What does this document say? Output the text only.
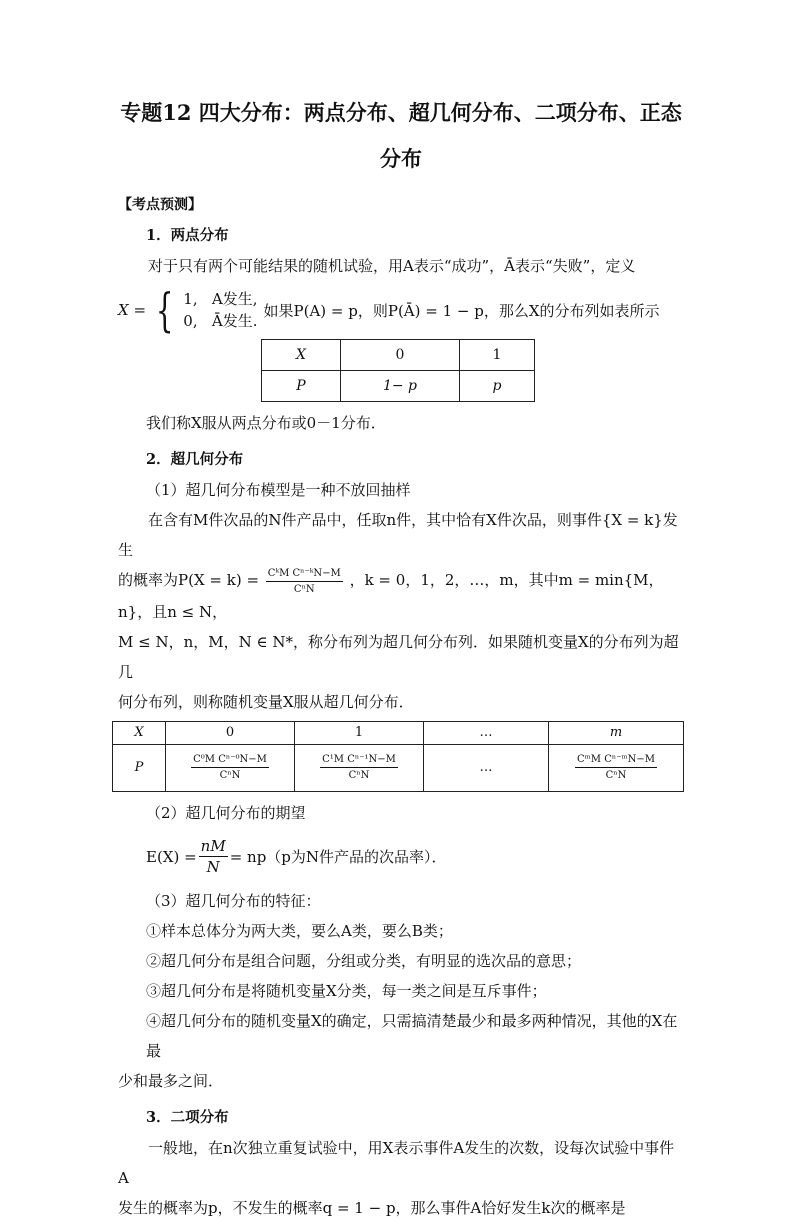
专题12 四大分布：两点分布、超几何分布、二项分布、正态
分布
【考点预测】
1．两点分布

对于只有两个可能结果的随机试验，用A表示“成功”，Ā表示“失败”，定义

X = { 1, A发生,
0, Ā发生.
如果P(A) = p，则P(Ā) = 1 − p，那么X的分布列如表所示
X	0	1
P	1− p	p

我们称X服从两点分布或0－1分布．

2．超几何分布

（1）超几何分布模型是一种不放回抽样

在含有M件次品的N件产品中，任取n件，其中恰有X件次品，则事件{X = k}发生

的概率为$P(X = k) = \frac{\text{CᵏM Cⁿ⁻ᵏN−M}}{\text{CⁿN}}$ ，k = 0，1，2，…，m，其中m = min{M，n}，且n ≤ N，

M ≤ N，n，M，N ∈ N*，称分布列为超几何分布列．如果随机变量X的分布列为超几

何分布列，则称随机变量X服从超几何分布．

X	0	1	…	m
P	$\frac{\text{C⁰M Cⁿ⁻⁰N−M}}{\text{CⁿN}}$	$\frac{\text{C¹M Cⁿ⁻¹N−M}}{\text{CⁿN}}$	…	$\frac{\text{CᵐM Cⁿ⁻ᵐN−M}}{\text{CⁿN}}$

（2）超几何分布的期望

$E(X) = \frac{nM}{N} = np(p$为N件产品的次品率）．

（3）超几何分布的特征：

①样本总体分为两大类，要么A类，要么B类；

②超几何分布是组合问题，分组或分类，有明显的选次品的意思；

③超几何分布是将随机变量X分类，每一类之间是互斥事件；

④超几何分布的随机变量X的确定，只需搞清楚最少和最多两种情况，其他的X在最

少和最多之间．

3．二项分布

一般地，在n次独立重复试验中，用X表示事件A发生的次数，设每次试验中事件A

发生的概率为p，不发生的概率q = 1 − p，那么事件A恰好发生k次的概率是
